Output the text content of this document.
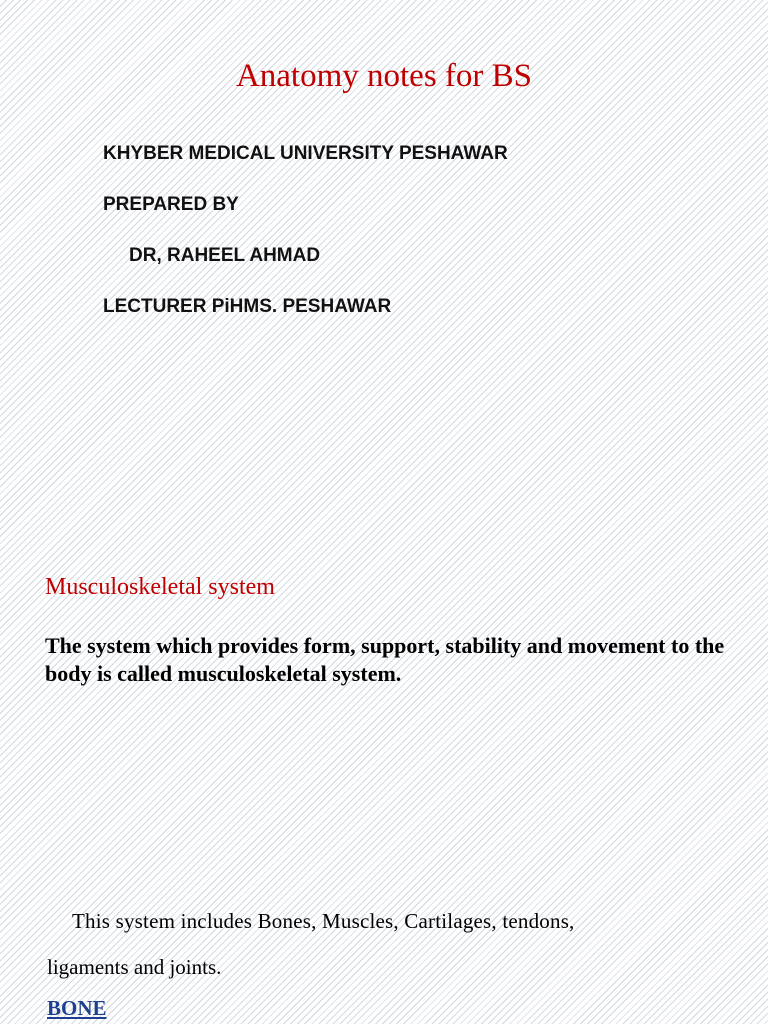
Anatomy notes for BS
KHYBER MEDICAL UNIVERSITY PESHAWAR
PREPARED BY
DR, RAHEEL AHMAD
LECTURER PiHMS. PESHAWAR
Musculoskeletal system

The system which provides form, support, stability and movement to the body is called musculoskeletal system.

This system includes Bones, Muscles, Cartilages, tendons,
ligaments and joints.
BONE
